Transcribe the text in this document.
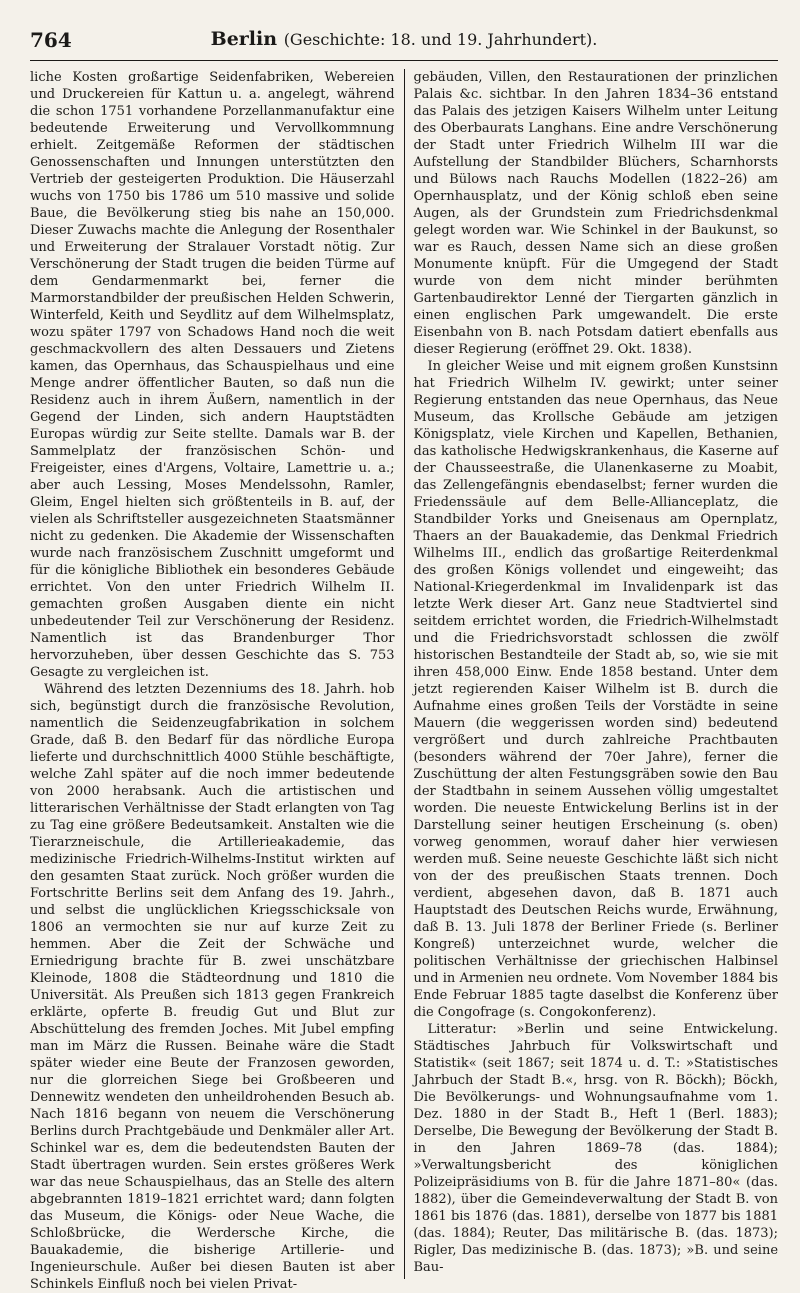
764	Berlin (Geschichte: 18. und 19. Jahrhundert).

liche Kosten großartige Seidenfabriken, Webereien und Druckereien für Kattun u. a. angelegt, während die schon 1751 vorhandene Porzellanmanufaktur eine bedeutende Erweiterung und Vervollkommnung erhielt. Zeitgemäße Reformen der städtischen Genossenschaften und Innungen unterstützten den Vertrieb der gesteigerten Produktion. Die Häuserzahl wuchs von 1750 bis 1786 um 510 massive und solide Baue, die Bevölkerung stieg bis nahe an 150,000. Dieser Zuwachs machte die Anlegung der Rosenthaler und Erweiterung der Stralauer Vorstadt nötig. Zur Verschönerung der Stadt trugen die beiden Türme auf dem Gendarmenmarkt bei, ferner die Marmorstandbilder der preußischen Helden Schwerin, Winterfeld, Keith und Seydlitz auf dem Wilhelmsplatz, wozu später 1797 von Schadows Hand noch die weit geschmackvollern des alten Dessauers und Zietens kamen, das Opernhaus, das Schauspielhaus und eine Menge andrer öffentlicher Bauten, so daß nun die Residenz auch in ihrem Äußern, namentlich in der Gegend der Linden, sich andern Hauptstädten Europas würdig zur Seite stellte. Damals war B. der Sammelplatz der französischen Schön- und Freigeister, eines d'Argens, Voltaire, Lamettrie u. a.; aber auch Lessing, Moses Mendelssohn, Ramler, Gleim, Engel hielten sich größtenteils in B. auf, der vielen als Schriftsteller ausgezeichneten Staatsmänner nicht zu gedenken. Die Akademie der Wissenschaften wurde nach französischem Zuschnitt umgeformt und für die königliche Bibliothek ein besonderes Gebäude errichtet. Von den unter Friedrich Wilhelm II. gemachten großen Ausgaben diente ein nicht unbedeutender Teil zur Verschönerung der Residenz. Namentlich ist das Brandenburger Thor hervorzuheben, über dessen Geschichte das S. 753 Gesagte zu vergleichen ist.

Während des letzten Dezenniums des 18. Jahrh. hob sich, begünstigt durch die französische Revolution, namentlich die Seidenzeugfabrikation in solchem Grade, daß B. den Bedarf für das nördliche Europa lieferte und durchschnittlich 4000 Stühle beschäftigte, welche Zahl später auf die noch immer bedeutende von 2000 herabsank. Auch die artistischen und litterarischen Verhältnisse der Stadt erlangten von Tag zu Tag eine größere Bedeutsamkeit. Anstalten wie die Tierarzneischule, die Artillerieakademie, das medizinische Friedrich-Wilhelms-Institut wirkten auf den gesamten Staat zurück. Noch größer wurden die Fortschritte Berlins seit dem Anfang des 19. Jahrh., und selbst die unglücklichen Kriegsschicksale von 1806 an vermochten sie nur auf kurze Zeit zu hemmen. Aber die Zeit der Schwäche und Erniedrigung brachte für B. zwei unschätzbare Kleinode, 1808 die Städteordnung und 1810 die Universität. Als Preußen sich 1813 gegen Frankreich erklärte, opferte B. freudig Gut und Blut zur Abschüttelung des fremden Joches. Mit Jubel empfing man im März die Russen. Beinahe wäre die Stadt später wieder eine Beute der Franzosen geworden, nur die glorreichen Siege bei Großbeeren und Dennewitz wendeten den unheildrohenden Besuch ab. Nach 1816 begann von neuem die Verschönerung Berlins durch Prachtgebäude und Denkmäler aller Art. Schinkel war es, dem die bedeutendsten Bauten der Stadt übertragen wurden. Sein erstes größeres Werk war das neue Schauspielhaus, das an Stelle des altern abgebrannten 1819–1821 errichtet ward; dann folgten das Museum, die Königs- oder Neue Wache, die Schloßbrücke, die Werdersche Kirche, die Bauakademie, die bisherige Artillerie- und Ingenieurschule. Außer bei diesen Bauten ist aber Schinkels Einfluß noch bei vielen Privat-

gebäuden, Villen, den Restaurationen der prinzlichen Palais &c. sichtbar. In den Jahren 1834–36 entstand das Palais des jetzigen Kaisers Wilhelm unter Leitung des Oberbaurats Langhans. Eine andre Verschönerung der Stadt unter Friedrich Wilhelm III war die Aufstellung der Standbilder Blüchers, Scharnhorsts und Bülows nach Rauchs Modellen (1822–26) am Opernhausplatz, und der König schloß eben seine Augen, als der Grundstein zum Friedrichsdenkmal gelegt worden war. Wie Schinkel in der Baukunst, so war es Rauch, dessen Name sich an diese großen Monumente knüpft. Für die Umgegend der Stadt wurde von dem nicht minder berühmten Gartenbaudirektor Lenné der Tiergarten gänzlich in einen englischen Park umgewandelt. Die erste Eisenbahn von B. nach Potsdam datiert ebenfalls aus dieser Regierung (eröffnet 29. Okt. 1838).

In gleicher Weise und mit eignem großen Kunstsinn hat Friedrich Wilhelm IV. gewirkt; unter seiner Regierung entstanden das neue Opernhaus, das Neue Museum, das Krollsche Gebäude am jetzigen Königsplatz, viele Kirchen und Kapellen, Bethanien, das katholische Hedwigskrankenhaus, die Kaserne auf der Chausseestraße, die Ulanenkaserne zu Moabit, das Zellengefängnis ebendaselbst; ferner wurden die Friedenssäule auf dem Belle-Allianceplatz, die Standbilder Yorks und Gneisenaus am Opernplatz, Thaers an der Bauakademie, das Denkmal Friedrich Wilhelms III., endlich das großartige Reiterdenkmal des großen Königs vollendet und eingeweiht; das National-Kriegerdenkmal im Invalidenpark ist das letzte Werk dieser Art. Ganz neue Stadtviertel sind seitdem errichtet worden, die Friedrich-Wilhelmstadt und die Friedrichsvorstadt schlossen die zwölf historischen Bestandteile der Stadt ab, so, wie sie mit ihren 458,000 Einw. Ende 1858 bestand. Unter dem jetzt regierenden Kaiser Wilhelm ist B. durch die Aufnahme eines großen Teils der Vorstädte in seine Mauern (die weggerissen worden sind) bedeutend vergrößert und durch zahlreiche Prachtbauten (besonders während der 70er Jahre), ferner die Zuschüttung der alten Festungsgräben sowie den Bau der Stadtbahn in seinem Aussehen völlig umgestaltet worden. Die neueste Entwickelung Berlins ist in der Darstellung seiner heutigen Erscheinung (s. oben) vorweg genommen, worauf daher hier verwiesen werden muß. Seine neueste Geschichte läßt sich nicht von der des preußischen Staats trennen. Doch verdient, abgesehen davon, daß B. 1871 auch Hauptstadt des Deutschen Reichs wurde, Erwähnung, daß B. 13. Juli 1878 der Berliner Friede (s. Berliner Kongreß) unterzeichnet wurde, welcher die politischen Verhältnisse der griechischen Halbinsel und in Armenien neu ordnete. Vom November 1884 bis Ende Februar 1885 tagte daselbst die Konferenz über die Congofrage (s. Congokonferenz).

Litteratur: »Berlin und seine Entwickelung. Städtisches Jahrbuch für Volkswirtschaft und Statistik« (seit 1867; seit 1874 u. d. T.: »Statistisches Jahrbuch der Stadt B.«, hrsg. von R. Böckh); Böckh, Die Bevölkerungs- und Wohnungsaufnahme vom 1. Dez. 1880 in der Stadt B., Heft 1 (Berl. 1883); Derselbe, Die Bewegung der Bevölkerung der Stadt B. in den Jahren 1869–78 (das. 1884); »Verwaltungsbericht des königlichen Polizeipräsidiums von B. für die Jahre 1871–80« (das. 1882), über die Gemeindeverwaltung der Stadt B. von 1861 bis 1876 (das. 1881), derselbe von 1877 bis 1881 (das. 1884); Reuter, Das militärische B. (das. 1873); Rigler, Das medizinische B. (das. 1873); »B. und seine Bau-
